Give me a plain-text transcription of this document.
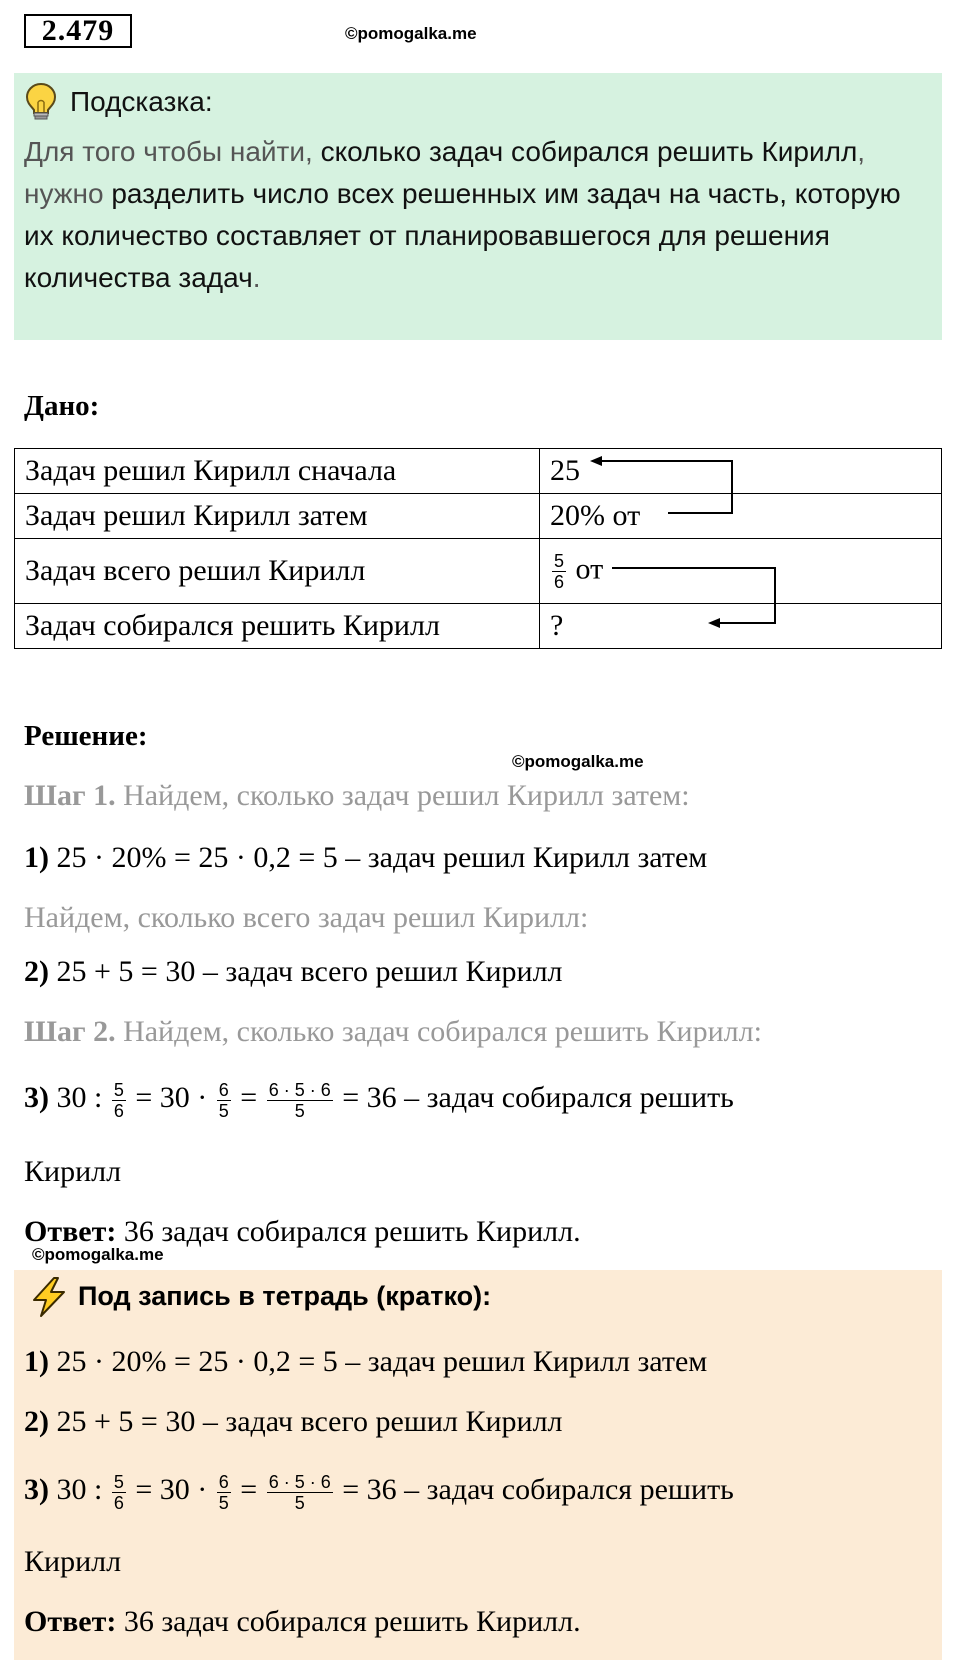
2.479	©pomogalka.me
Подсказка:
Для того чтобы найти, сколько задач собирался решить Кирилл, нужно разделить число всех решенных им задач на часть, которую их количество составляет от планировавшегося для решения количества задач.
Дано:
Задач решил Кирилл сначала	25
Задач решил Кирилл затем	20% от
Задач всего решил Кирилл	$\frac{5}{6}$ от
Задач собирался решить Кирилл	?
Решение:
©pomogalka.me
Шаг 1. Найдем, сколько задач решил Кирилл затем:
1) 25 · 20% = 25 · 0,2 = 5 – задач решил Кирилл затем
Найдем, сколько всего задач решил Кирилл:
2) 25 + 5 = 30 – задач всего решил Кирилл
Шаг 2. Найдем, сколько задач собирался решить Кирилл:
3) 30 : $\frac{5}{6} = 30 \cdot \frac{6}{5} = \frac{6 \cdot 5 \cdot 6}{5} = 36$ – задач собирался решить
Кирилл
Ответ: 36 задач собирался решить Кирилл.
©pomogalka.me
Под запись в тетрадь (кратко):
1) 25 · 20% = 25 · 0,2 = 5 – задач решил Кирилл затем
2) 25 + 5 = 30 – задач всего решил Кирилл
3) 30 : $\frac{5}{6} = 30 \cdot \frac{6}{5} = \frac{6 \cdot 5 \cdot 6}{5} = 36$ – задач собирался решить
Кирилл
Ответ: 36 задач собирался решить Кирилл.
